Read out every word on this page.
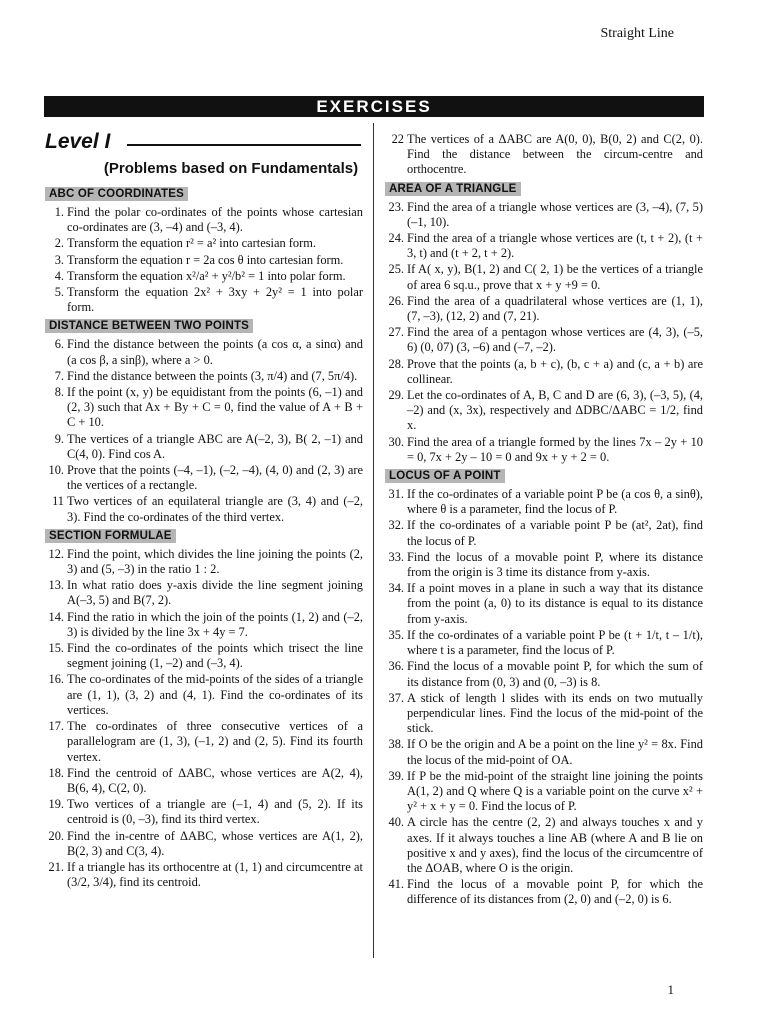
Straight Line
EXERCISES
Level I
(Problems based on Fundamentals)
ABC OF COORDINATES
1. Find the polar co-ordinates of the points whose cartesian co-ordinates are (3, –4) and (–3, 4).
2. Transform the equation r² = a² into cartesian form.
3. Transform the equation r = 2a cos θ into cartesian form.
4. Transform the equation x²/a² + y²/b² = 1 into polar form.
5. Transform the equation 2x² + 3xy + 2y² = 1 into polar form.
DISTANCE BETWEEN TWO POINTS
6. Find the distance between the points (a cos α, a sinα) and (a cos β, a sinβ), where a > 0.
7. Find the distance between the points (3, π/4) and (7, 5π/4).
8. If the point (x, y) be equidistant from the points (6, –1) and (2, 3) such that Ax + By + C = 0, find the value of A + B + C + 10.
9. The vertices of a triangle ABC are A(–2, 3), B( 2, –1) and C(4, 0). Find cos A.
10. Prove that the points (–4, –1), (–2, –4), (4, 0) and (2, 3) are the vertices of a rectangle.
11 Two vertices of an equilateral triangle are (3, 4) and (–2, 3). Find the co-ordinates of the third vertex.
SECTION FORMULAE
12. Find the point, which divides the line joining the points (2, 3) and (5, –3) in the ratio 1 : 2.
13. In what ratio does y-axis divide the line segment joining A(–3, 5) and B(7, 2).
14. Find the ratio in which the join of the points (1, 2) and (–2, 3) is divided by the line 3x + 4y = 7.
15. Find the co-ordinates of the points which trisect the line segment joining (1, –2) and (–3, 4).
16. The co-ordinates of the mid-points of the sides of a triangle are (1, 1), (3, 2) and (4, 1). Find the co-ordinates of its vertices.
17. The co-ordinates of three consecutive vertices of a parallelogram are (1, 3), (–1, 2) and (2, 5). Find its fourth vertex.
18. Find the centroid of ΔABC, whose vertices are A(2, 4), B(6, 4), C(2, 0).
19. Two vertices of a triangle are (–1, 4) and (5, 2). If its centroid is (0, –3), find its third vertex.
20. Find the in-centre of ΔABC, whose vertices are A(1, 2), B(2, 3) and C(3, 4).
21. If a triangle has its orthocentre at (1, 1) and circumcentre at (3/2, 3/4), find its centroid.
22 The vertices of a ΔABC are A(0, 0), B(0, 2) and C(2, 0). Find the distance between the circum-centre and orthocentre.
AREA OF A TRIANGLE
23. Find the area of a triangle whose vertices are (3, –4), (7, 5) (–1, 10).
24. Find the area of a triangle whose vertices are (t, t + 2), (t + 3, t) and (t + 2, t + 2).
25. If A( x, y), B(1, 2) and C( 2, 1) be the vertices of a triangle of area 6 sq.u., prove that x + y +9 = 0.
26. Find the area of a quadrilateral whose vertices are (1, 1), (7, –3), (12, 2) and (7, 21).
27. Find the area of a pentagon whose vertices are (4, 3), (–5, 6) (0, 07) (3, –6) and (–7, –2).
28. Prove that the points (a, b + c), (b, c + a) and (c, a + b) are collinear.
29. Let the co-ordinates of A, B, C and D are (6, 3), (–3, 5), (4, –2) and (x, 3x), respectively and ΔDBC/ΔABC = 1/2, find x.
30. Find the area of a triangle formed by the lines 7x – 2y + 10 = 0, 7x + 2y – 10 = 0 and 9x + y + 2 = 0.
LOCUS OF A POINT
31. If the co-ordinates of a variable point P be (a cos θ, a sinθ), where θ is a parameter, find the locus of P.
32. If the co-ordinates of a variable point P be (at², 2at), find the locus of P.
33. Find the locus of a movable point P, where its distance from the origin is 3 time its distance from y-axis.
34. If a point moves in a plane in such a way that its distance from the point (a, 0) to its distance is equal to its distance from y-axis.
35. If the co-ordinates of a variable point P be (t + 1/t, t – 1/t), where t is a parameter, find the locus of P.
36. Find the locus of a movable point P, for which the sum of its distance from (0, 3) and (0, –3) is 8.
37. A stick of length l slides with its ends on two mutually perpendicular lines. Find the locus of the mid-point of the stick.
38. If O be the origin and A be a point on the line y² = 8x. Find the locus of the mid-point of OA.
39. If P be the mid-point of the straight line joining the points A(1, 2) and Q where Q is a variable point on the curve x² + y² + x + y = 0. Find the locus of P.
40. A circle has the centre (2, 2) and always touches x and y axes. If it always touches a line AB (where A and B lie on positive x and y axes), find the locus of the circumcentre of the ΔOAB, where O is the origin.
41. Find the locus of a movable point P, for which the difference of its distances from (2, 0) and (–2, 0) is 6.
1
